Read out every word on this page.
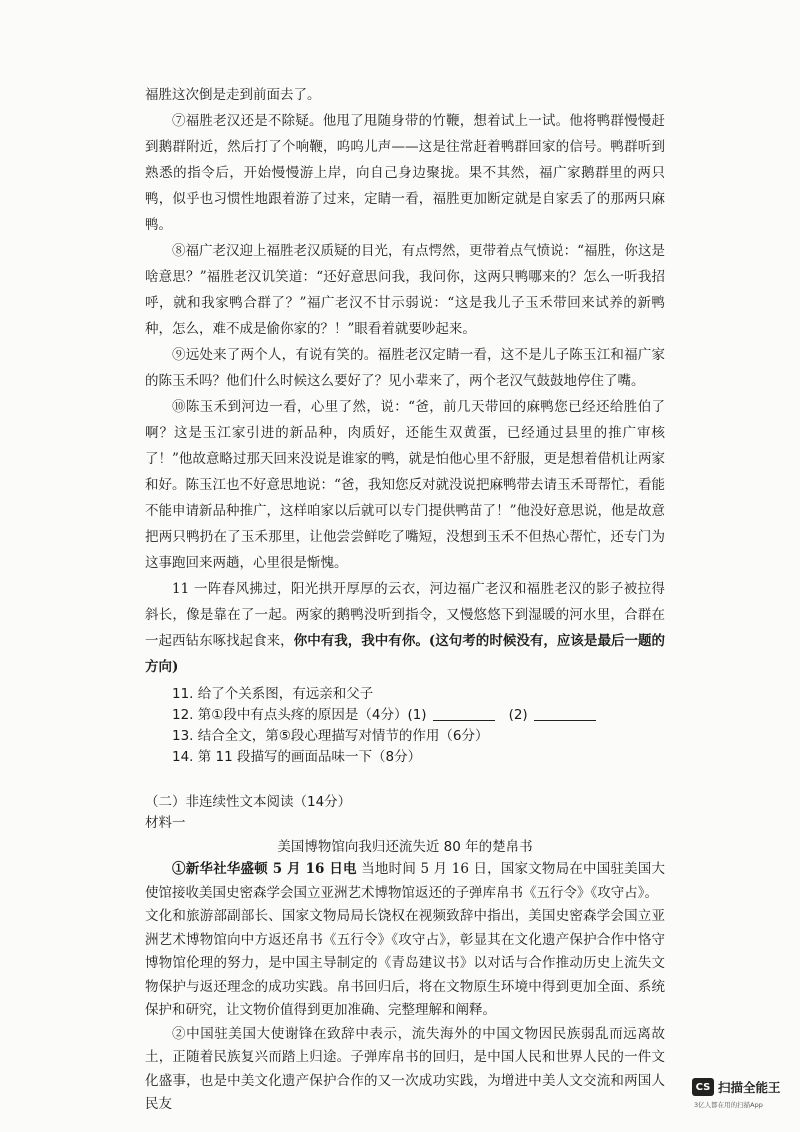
福胜这次倒是走到前面去了。

⑦福胜老汉还是不除疑。他甩了甩随身带的竹鞭，想着试上一试。他将鸭群慢慢赶到鹅群附近，然后打了个响鞭，呜呜儿声——这是往常赶着鸭群回家的信号。鸭群听到熟悉的指令后，开始慢慢游上岸，向自己身边聚拢。果不其然，福广家鹅群里的两只鸭，似乎也习惯性地跟着游了过来，定睛一看，福胜更加断定就是自家丢了的那两只麻鸭。

⑧福广老汉迎上福胜老汉质疑的目光，有点愕然，更带着点气愤说：“福胜，你这是啥意思？”福胜老汉讥笑道：“还好意思问我，我问你，这两只鸭哪来的？怎么一听我招呼，就和我家鸭合群了？”福广老汉不甘示弱说：“这是我儿子玉禾带回来试养的新鸭种，怎么，难不成是偷你家的？！”眼看着就要吵起来。

⑨远处来了两个人，有说有笑的。福胜老汉定睛一看，这不是儿子陈玉江和福广家的陈玉禾吗？他们什么时候这么要好了？见小辈来了，两个老汉气鼓鼓地停住了嘴。

⑩陈玉禾到河边一看，心里了然，说：“爸，前几天带回的麻鸭您已经还给胜伯了啊？这是玉江家引进的新品种，肉质好，还能生双黄蛋，已经通过县里的推广审核了！”他故意略过那天回来没说是谁家的鸭，就是怕他心里不舒服，更是想着借机让两家和好。陈玉江也不好意思地说：“爸，我知您反对就没说把麻鸭带去请玉禾哥帮忙，看能不能申请新品种推广，这样咱家以后就可以专门提供鸭苗了！”他没好意思说，他是故意把两只鸭扔在了玉禾那里，让他尝尝鲜吃了嘴短，没想到玉禾不但热心帮忙，还专门为这事跑回来两趟，心里很是惭愧。

11 一阵春风拂过，阳光拱开厚厚的云衣，河边福广老汉和福胜老汉的影子被拉得斜长，像是靠在了一起。两家的鹅鸭没听到指令，又慢悠悠下到湿暖的河水里，合群在一起西钻东啄找起食来，你中有我，我中有你。(这句考的时候没有，应该是最后一题的方向)

11. 给了个关系图，有远亲和父子
12. 第①段中有点头疼的原因是（4分）(1)	(2)
13. 结合全文，第⑤段心理描写对情节的作用（6分）
14. 第 11 段描写的画面品味一下（8分）
（二）非连续性文本阅读（14分）
材料一
美国博物馆向我归还流失近 80 年的楚帛书

①新华社华盛顿 5 月 16 日电 当地时间 5 月 16 日，国家文物局在中国驻美国大使馆接收美国史密森学会国立亚洲艺术博物馆返还的子弹库帛书《五行令》《攻守占》。

文化和旅游部副部长、国家文物局局长饶权在视频致辞中指出，美国史密森学会国立亚洲艺术博物馆向中方返还帛书《五行令》《攻守占》，彰显其在文化遗产保护合作中恪守博物馆伦理的努力，是中国主导制定的《青岛建议书》以对话与合作推动历史上流失文物保护与返还理念的成功实践。帛书回归后，将在文物原生环境中得到更加全面、系统保护和研究，让文物价值得到更加准确、完整理解和阐释。

②中国驻美国大使谢锋在致辞中表示，流失海外的中国文物因民族弱乱而远离故土，正随着民族复兴而踏上归途。子弹库帛书的回归，是中国人民和世界人民的一件文化盛事，也是中美文化遗产保护合作的又一次成功实践，为增进中美人文交流和两国人民友

CS 扫描全能王
3亿人都在用的扫描App
